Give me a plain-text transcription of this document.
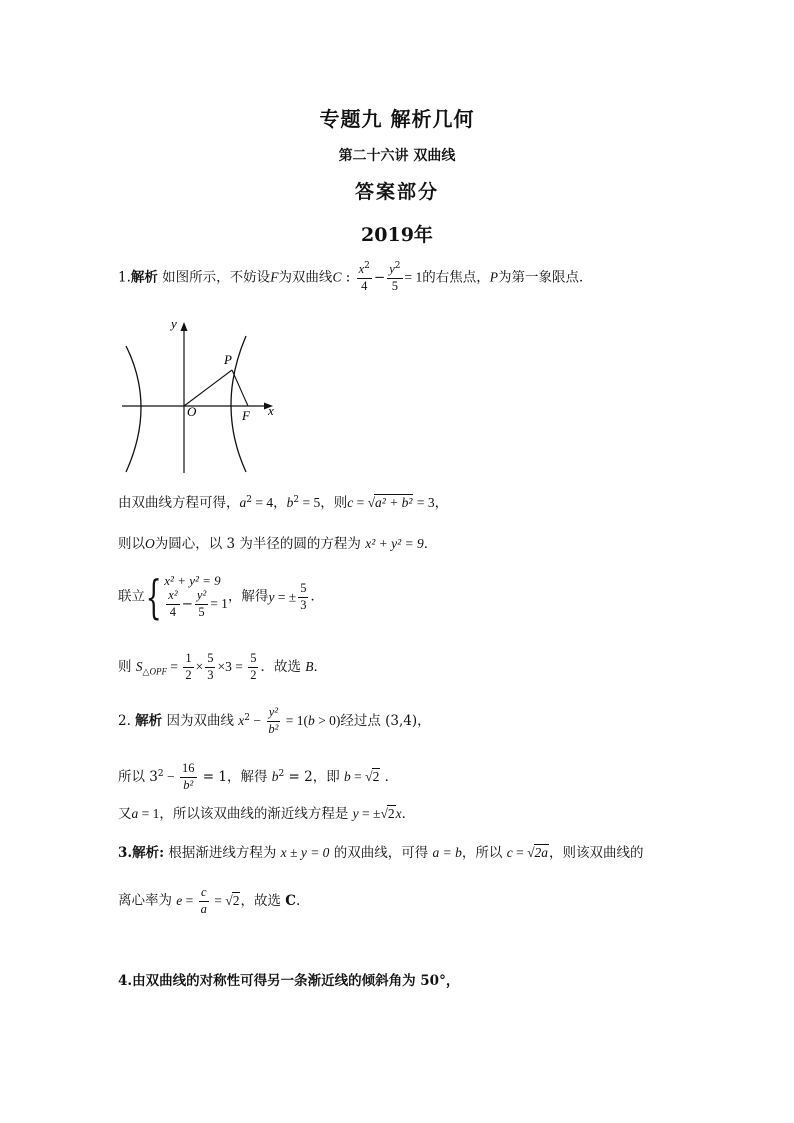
专题九 解析几何
第二十六讲 双曲线
答案部分
2019年
1.解析 如图所示，不妨设F为双曲线C : $\frac{x^2}{4} - \frac{y^2}{5} = 1$的右焦点，P为第一象限点．
y
x
O
P
F
由双曲线方程可得，$a^2 = 4$，$b^2 = 5$，则c = √a² + b² = 3，
则以O为圆心，以 3 为半径的圆的方程为 x² + y² = 9．
联立{ x² + y² = 9
$\frac{\text{x²}}{4} - \frac{\text{y²}}{5} = 1$ ，解得y = ± $\frac{5}{3}$ ．
则 $S_{\triangle OPF} = \frac{1}{2} \times \frac{5}{3} \times 3 = \frac{5}{2}$ ．故选 B．
2. 解析 因为双曲线 $x^2 - \frac{\text{y²}}{\text{b²}} = 1(b > 0)$经过点 (3,4)，
所以 $3^2 - \frac{16}{\text{b²}} = 1$，解得 $b^2 = 2$，即 b = √2 ．
又a = 1，所以该双曲线的渐近线方程是 y = ±√2x．
3.解析: 根据渐进线方程为 x ± y = 0 的双曲线，可得 a = b，所以 c = √2a，则该双曲线的
离心率为 $e = \frac{c}{a} = √2$，故选 C.
4.由双曲线的对称性可得另一条渐近线的倾斜角为 50°，
